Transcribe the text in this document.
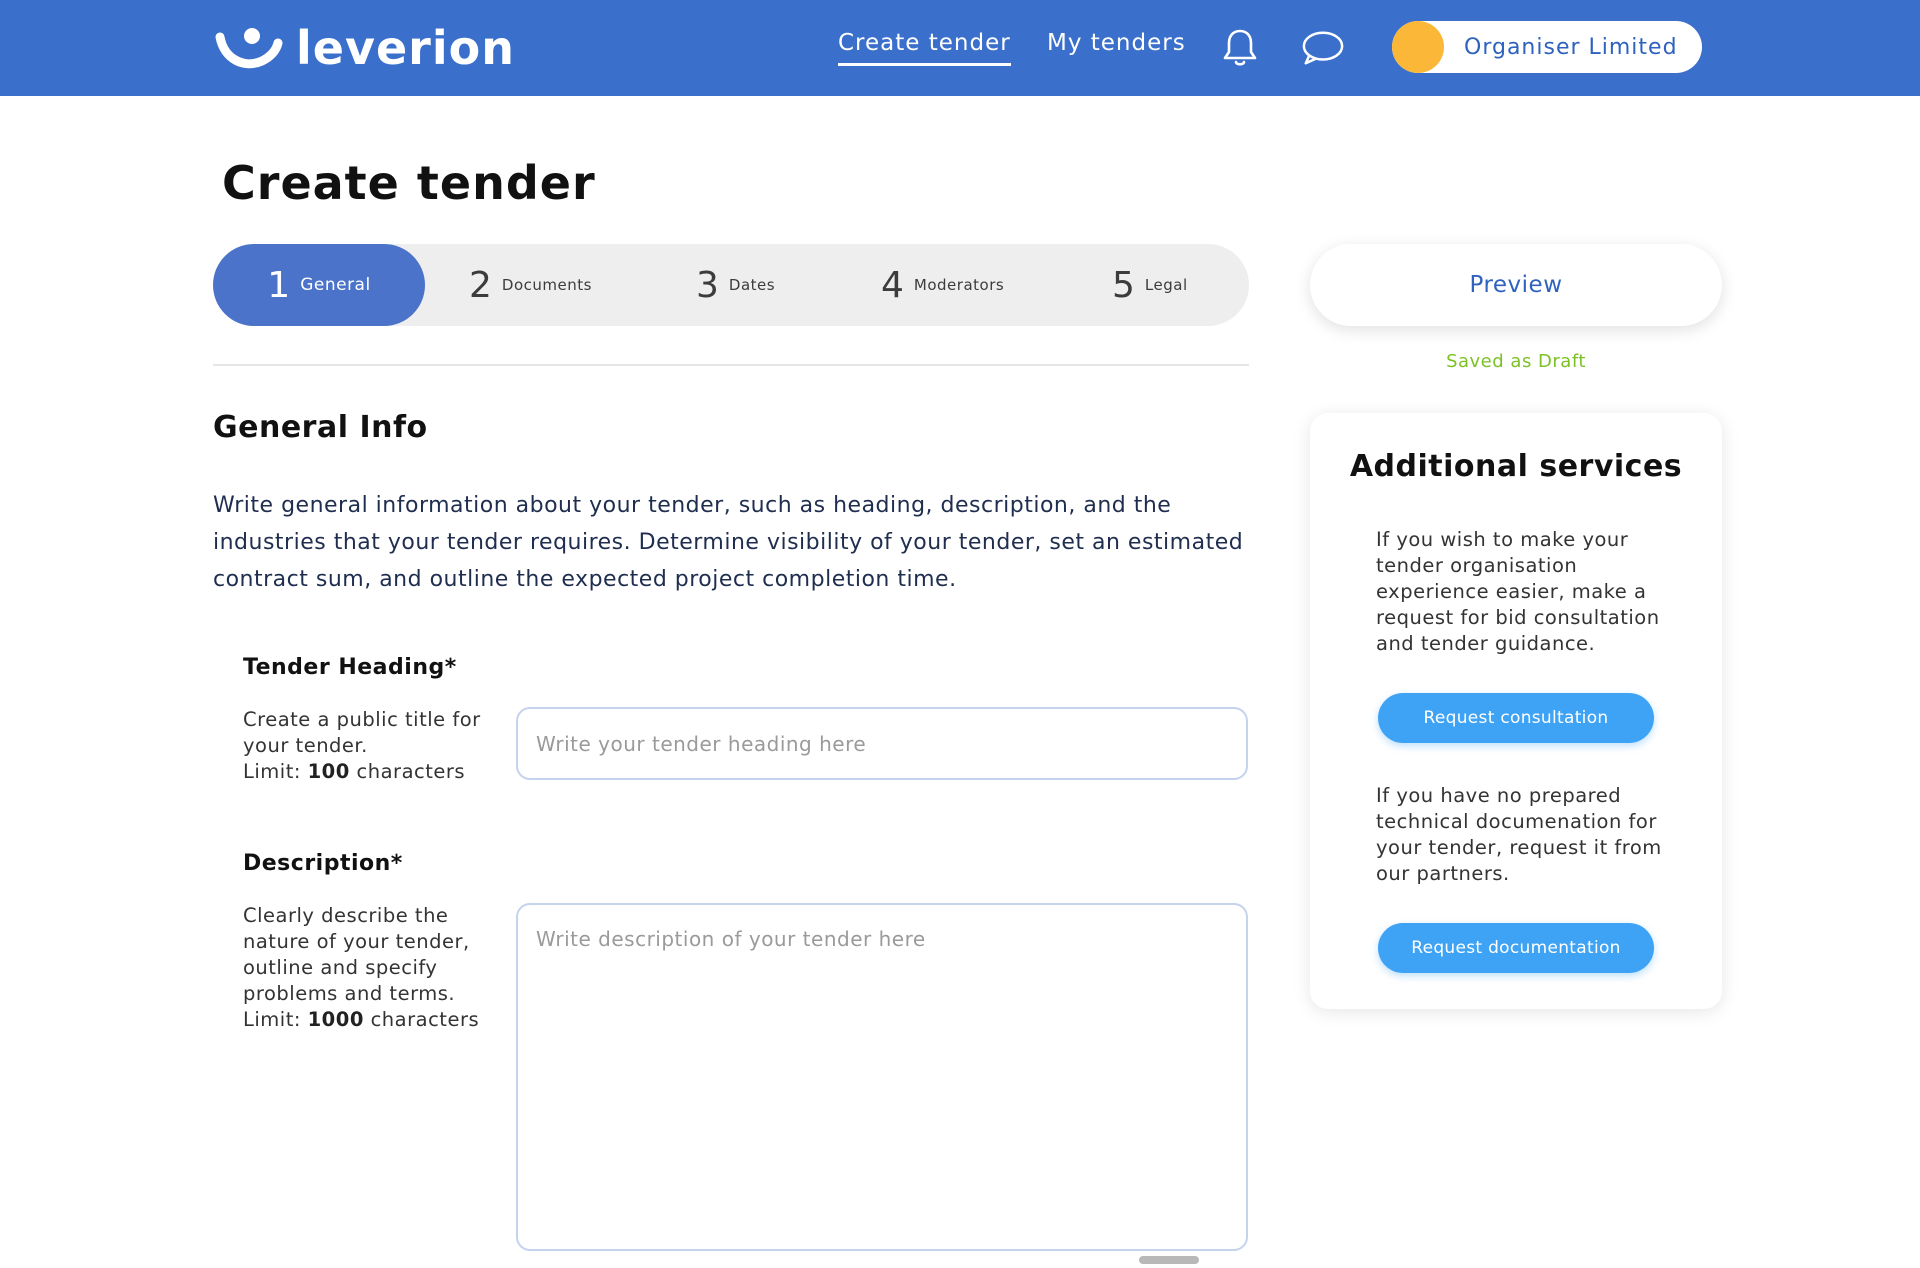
leverion	Create tender My tenders	Organiser Limited
Create tender
1 General	2 Documents	3 Dates	4 Moderators	5 Legal
General Info

Write general information about your tender, such as heading, description, and the industries that your tender requires. Determine visibility of your tender, set an estimated contract sum, and outline the expected project completion time.

Tender Heading*
Create a public title for your tender.
Limit: 100 characters
Write your tender heading here
Description*
Clearly describe the nature of your tender, outline and specify problems and terms.
Limit: 1000 characters
Write description of your tender here
Preview
Saved as Draft
Additional services

If you wish to make your tender organisation experience easier, make a request for bid consultation and tender guidance.

Request consultation

If you have no prepared technical documenation for your tender, request it from our partners.

Request documentation
